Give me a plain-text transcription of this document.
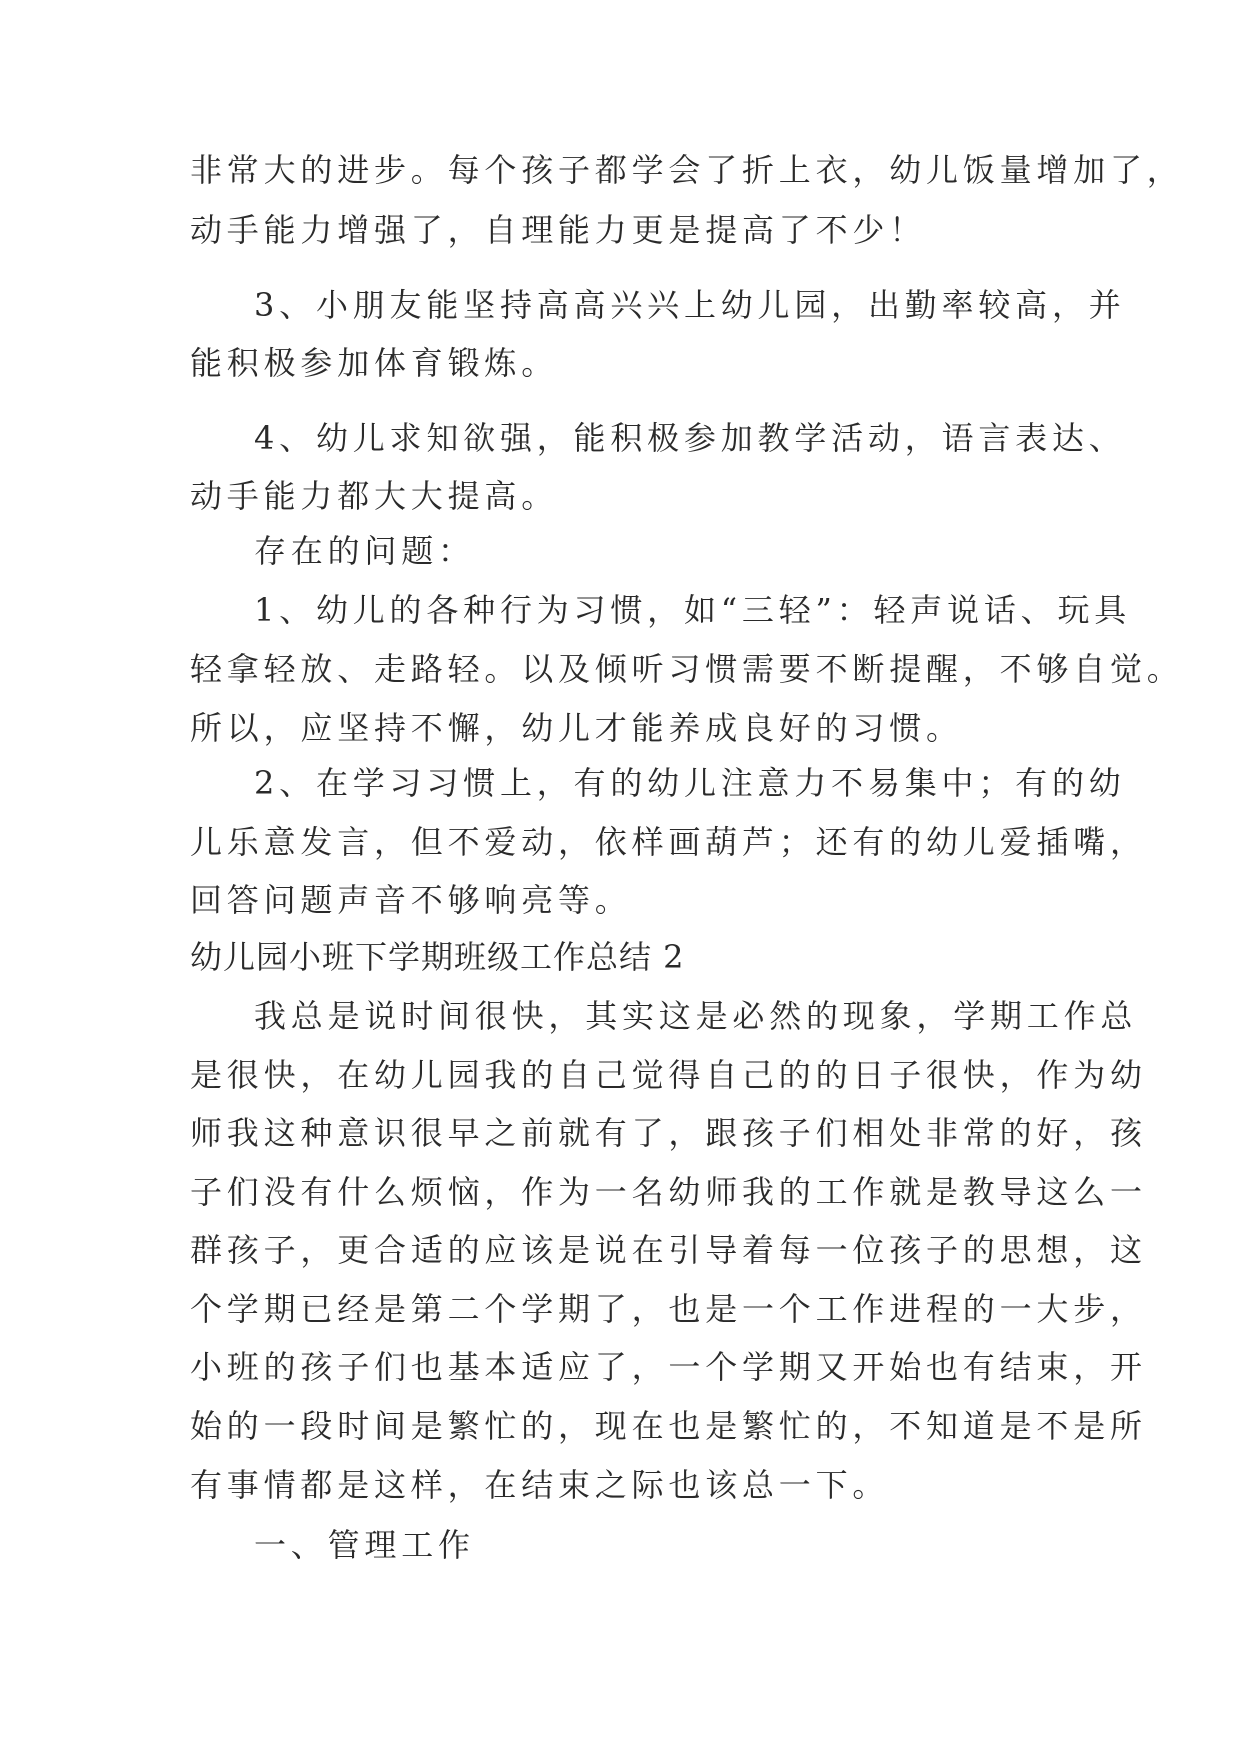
非常大的进步。每个孩子都学会了折上衣，幼儿饭量增加了，
动手能力增强了，自理能力更是提高了不少！
3、小朋友能坚持高高兴兴上幼儿园，出勤率较高，并
能积极参加体育锻炼。
4、幼儿求知欲强，能积极参加教学活动，语言表达、
动手能力都大大提高。
存在的问题：
1、幼儿的各种行为习惯，如“三轻”：轻声说话、玩具
轻拿轻放、走路轻。以及倾听习惯需要不断提醒，不够自觉。
所以，应坚持不懈，幼儿才能养成良好的习惯。
2、在学习习惯上，有的幼儿注意力不易集中；有的幼
儿乐意发言，但不爱动，依样画葫芦；还有的幼儿爱插嘴，
回答问题声音不够响亮等。
幼儿园小班下学期班级工作总结 2
我总是说时间很快，其实这是必然的现象，学期工作总
是很快，在幼儿园我的自己觉得自己的的日子很快，作为幼
师我这种意识很早之前就有了，跟孩子们相处非常的好，孩
子们没有什么烦恼，作为一名幼师我的工作就是教导这么一
群孩子，更合适的应该是说在引导着每一位孩子的思想，这
个学期已经是第二个学期了，也是一个工作进程的一大步，
小班的孩子们也基本适应了，一个学期又开始也有结束，开
始的一段时间是繁忙的，现在也是繁忙的，不知道是不是所
有事情都是这样，在结束之际也该总一下。
一、管理工作
